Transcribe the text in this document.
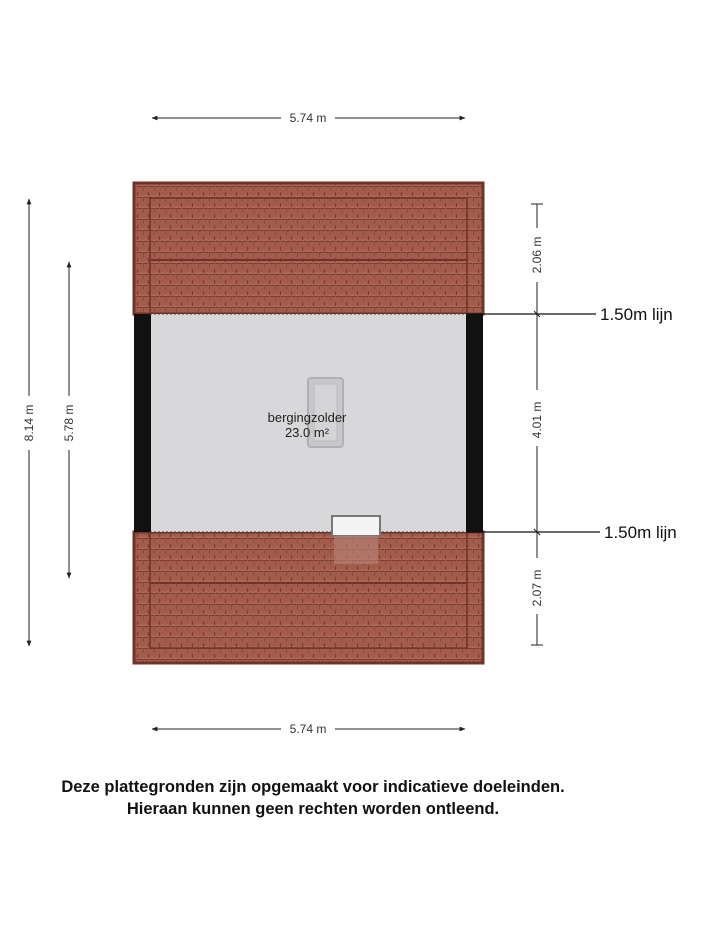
bergingzolder
23.0 m²
5.74 m
5.74 m
8.14 m 5.78 m
2.06 m
4.01 m
2.07 m
1.50m lijn
1.50m lijn
Deze plattegronden zijn opgemaakt voor indicatieve doeleinden.
Hieraan kunnen geen rechten worden ontleend.
